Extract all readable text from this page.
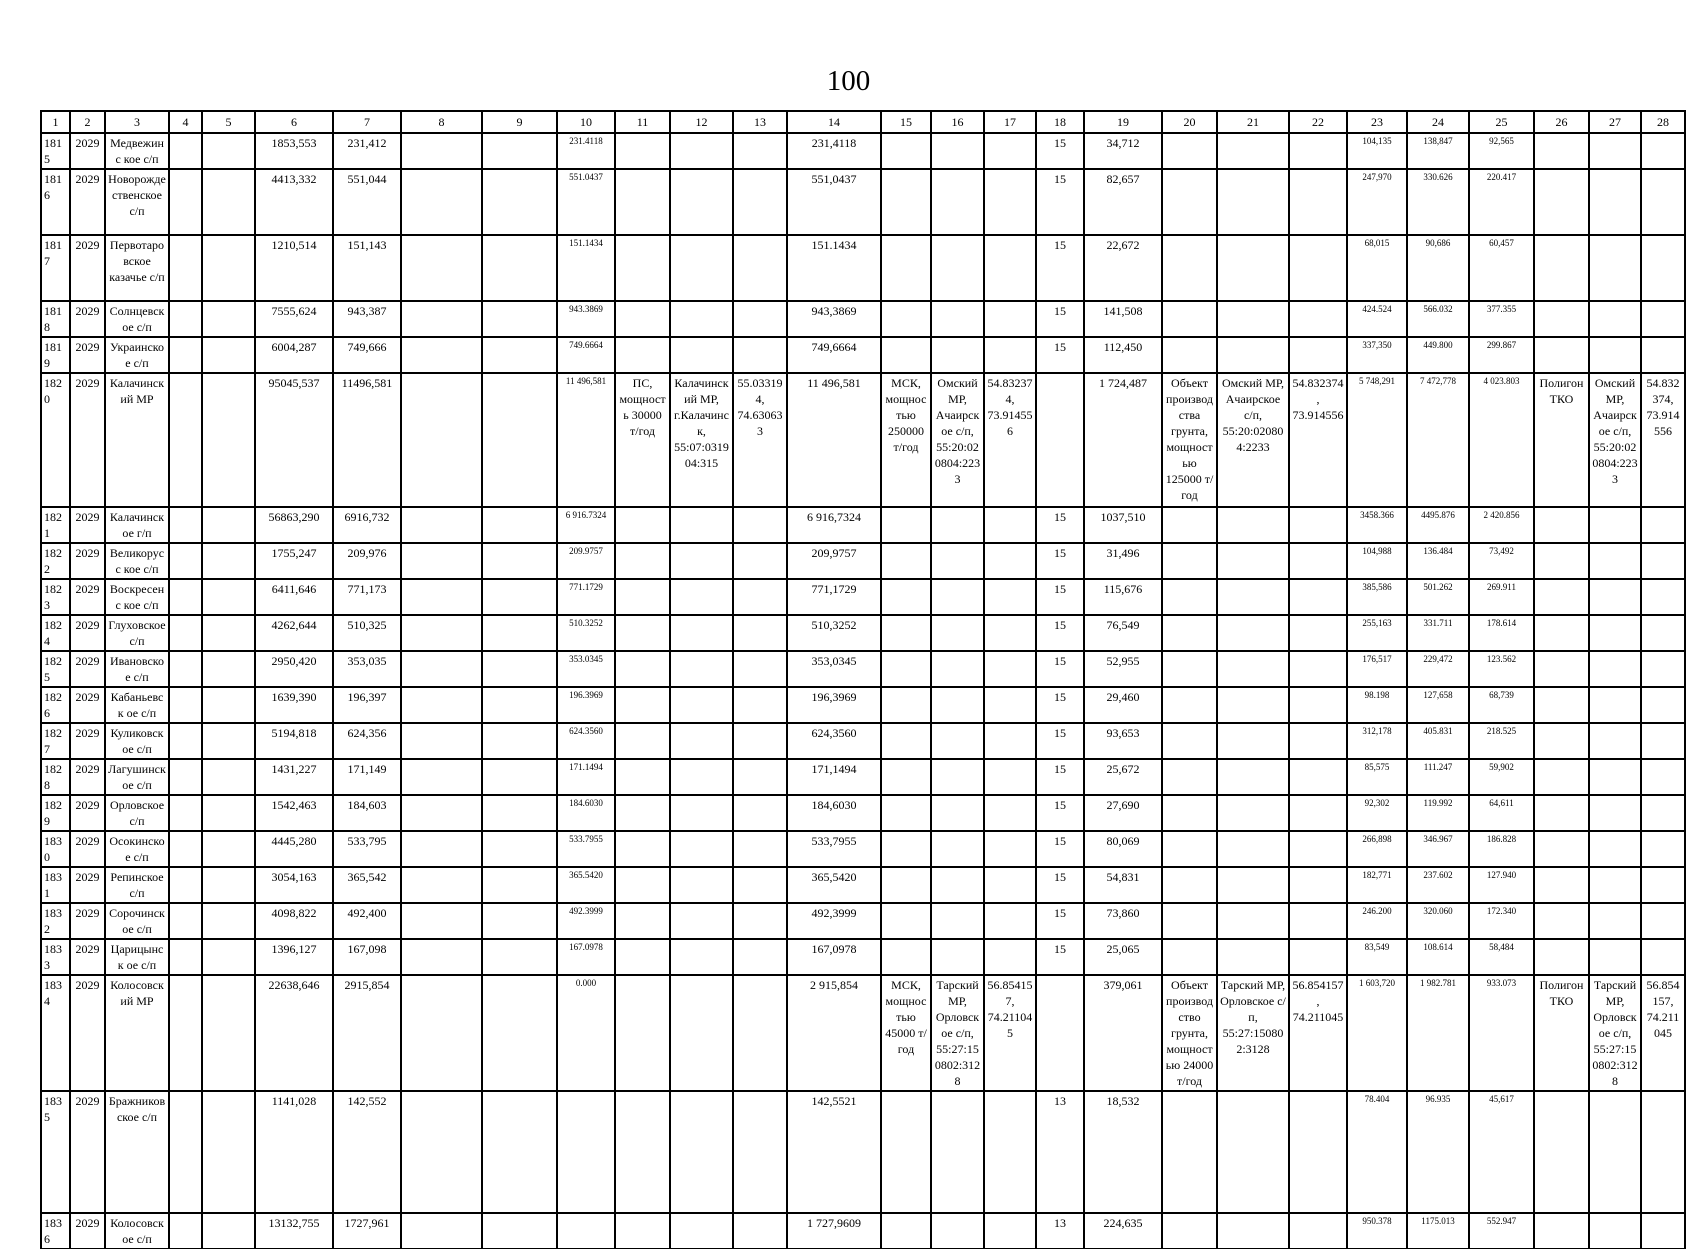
100
1	2	3	4	5	6	7	8	9	10	11	12	13	14	15	16	17	18	19	20	21	22	23	24	25	26	27	28
1815	2029	Медвежинс кое с/п			1853,553	231,412			231.4118				231,4118				15	34,712				104,135	138,847	92,565			
1816	2029	Новорожде ственское с/п			4413,332	551,044			551.0437				551,0437				15	82,657				247,970	330.626	220.417			
1817	2029	Первотаро вское казачье с/п			1210,514	151,143			151.1434				151.1434				15	22,672				68,015	90,686	60,457			
1818	2029	Солнцевск ое с/п			7555,624	943,387			943.3869				943,3869				15	141,508				424.524	566.032	377.355			
1819	2029	Украинско е с/п			6004,287	749,666			749.6664				749,6664				15	112,450				337,350	449.800	299.867			
1820	2029	Калачинск ий МР			95045,537	11496,581			11 496,581	ПС, мощност ь 30000 т/год	Калачинск ий МР, г.Калачинс к, 55:07:0319 04:315	55.03319 4, 74.63063 3	11 496,581	МСК, мощнос тью 250000 т/год	Омский МР, Ачаирск ое с/п, 55:20:02 0804:223 3	54.83237 4, 73.91455 6		1 724,487	Объект производ ства грунта, мощност ью 125000 т/год	Омский МР, Ачаирское с/п, 55:20:02080 4:2233	54.832374 , 73.914556	5 748,291	7 472,778	4 023.803	Полигон ТКО	Омский МР, Ачаирск ое с/п, 55:20:02 0804:223 3	54.832 374, 73.914 556
1821	2029	Калачинск ое г/п			56863,290	6916,732			6 916.7324				6 916,7324				15	1037,510				3458.366	4495.876	2 420.856			
1822	2029	Великорусс кое с/п			1755,247	209,976			209.9757				209,9757				15	31,496				104,988	136.484	73,492			
1823	2029	Воскресенс кое с/п			6411,646	771,173			771.1729				771,1729				15	115,676				385,586	501.262	269.911			
1824	2029	Глуховское с/п			4262,644	510,325			510.3252				510,3252				15	76,549				255,163	331.711	178.614			
1825	2029	Ивановско е с/п			2950,420	353,035			353.0345				353,0345				15	52,955				176,517	229,472	123.562			
1826	2029	Кабаньевск ое с/п			1639,390	196,397			196.3969				196,3969				15	29,460				98.198	127,658	68,739			
1827	2029	Куликовск ое с/п			5194,818	624,356			624.3560				624,3560				15	93,653				312,178	405.831	218.525			
1828	2029	Лагушинск ое с/п			1431,227	171,149			171.1494				171,1494				15	25,672				85,575	111.247	59,902			
1829	2029	Орловское с/п			1542,463	184,603			184.6030				184,6030				15	27,690				92,302	119.992	64,611			
1830	2029	Осокинско е с/п			4445,280	533,795			533.7955				533,7955				15	80,069				266,898	346.967	186.828			
1831	2029	Репинское с/п			3054,163	365,542			365.5420				365,5420				15	54,831				182,771	237.602	127.940			
1832	2029	Сорочинск ое с/п			4098,822	492,400			492.3999				492,3999				15	73,860				246.200	320.060	172.340			
1833	2029	Царицынск ое с/п			1396,127	167,098			167.0978				167,0978				15	25,065				83,549	108.614	58,484			
1834	2029	Колосовск ий МР			22638,646	2915,854			0.000				2 915,854	МСК, мощнос тью 45000 т/год	Тарский МР, Орловск ое с/п, 55:27:15 0802:312 8	56.85415 7, 74.21104 5		379,061	Объект производ ство грунта, мощност ью 24000 т/год	Тарский МР, Орловское с/п, 55:27:15080 2:3128	56.854157 , 74.211045	1 603,720	1 982.781	933.073	Полигон ТКО	Тарский МР, Орловск ое с/п, 55:27:15 0802:312 8	56.854 157, 74.211 045
1835	2029	Бражников ское с/п			1141,028	142,552							142,5521				13	18,532				78.404	96.935	45,617			
1836	2029	Колосовск ое с/п			13132,755	1727,961							1 727,9609				13	224,635				950.378	1175.013	552.947			
